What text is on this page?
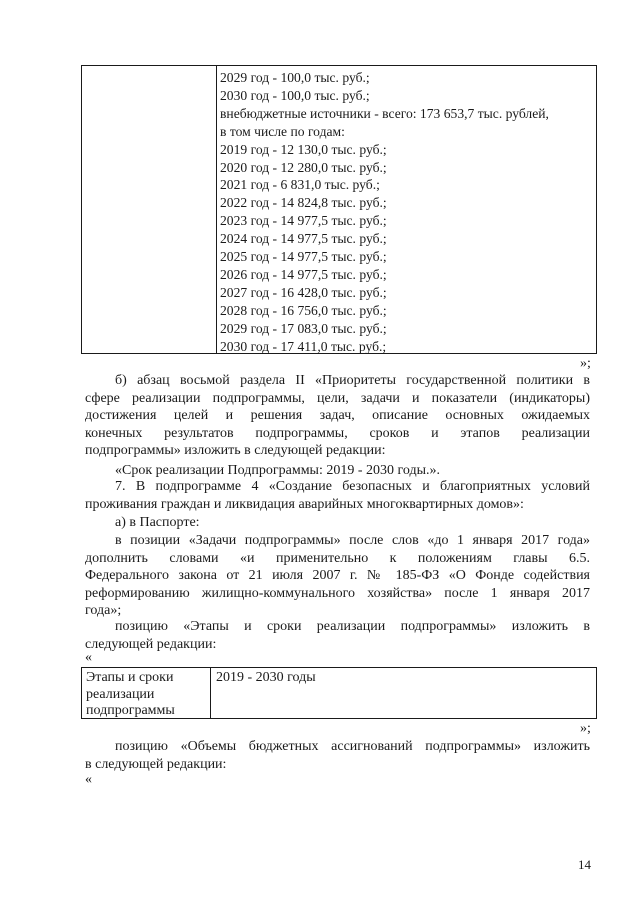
2029 год - 100,0 тыс. руб.;
2030 год - 100,0 тыс. руб.;
внебюджетные источники - всего: 173 653,7 тыс. рублей,
в том числе по годам:
2019 год - 12 130,0 тыс. руб.;
2020 год - 12 280,0 тыс. руб.;
2021 год - 6 831,0 тыс. руб.;
2022 год - 14 824,8 тыс. руб.;
2023 год - 14 977,5 тыс. руб.;
2024 год - 14 977,5 тыс. руб.;
2025 год - 14 977,5 тыс. руб.;
2026 год - 14 977,5 тыс. руб.;
2027 год - 16 428,0 тыс. руб.;
2028 год - 16 756,0 тыс. руб.;
2029 год - 17 083,0 тыс. руб.;
2030 год - 17 411,0 тыс. руб.;
»;
б) абзац восьмой раздела II «Приоритеты государственной политики в
сфере реализации подпрограммы, цели, задачи и показатели (индикаторы)
достижения целей и решения задач, описание основных ожидаемых
конечных результатов подпрограммы, сроков и этапов реализации
подпрограммы» изложить в следующей редакции:
«Срок реализации Подпрограммы: 2019 - 2030 годы.».
7. В подпрограмме 4 «Создание безопасных и благоприятных условий
проживания граждан и ликвидация аварийных многоквартирных домов»:
а) в Паспорте:
в позиции «Задачи подпрограммы» после слов «до 1 января 2017 года»
дополнить словами «и применительно к положениям главы 6.5.
Федерального закона от 21 июля 2007 г. № 185-ФЗ «О Фонде содействия
реформированию жилищно-коммунального хозяйства» после 1 января 2017
года»;
позицию «Этапы и сроки реализации подпрограммы» изложить в
следующей редакции:
«
Этапы и сроки
реализации
подпрограммы
2019 - 2030 годы
»;
позицию «Объемы бюджетных ассигнований подпрограммы» изложить
в следующей редакции:
«
14
